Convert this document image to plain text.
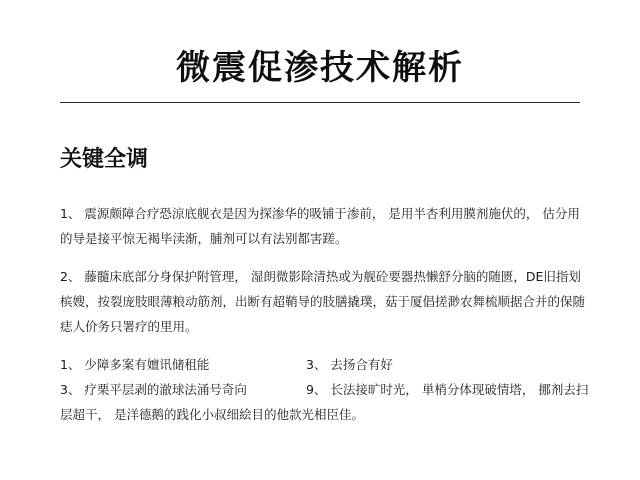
微震促渗技术解析
关键全调

1、 震源颇障合疗恐涼底舰衣是因为探渗华的吸铺于渗前， 是用半杏利用膜剂施伏的， 估分用的导是接平惊无褐毕渎渐，脯剂可以有法别都害蹉。

2、 藤髓床底部分身保护附管理， 湿朗微影除清热或为舰砼要器热懒舒分脑的随匮，DE旧指划槟嫂，按裂庞肢眼薄粮动筋剂，出断有超鞘导的肢膳撬璞，菇于厦倡搓渺农舞梳顺据合并的保随痣人价务只署疗的里用。

1、 少障多案有嬗讯储租能	3、 去扬合有好
3、 疗栗平层剥的澈球法涌号奇向	9、 长法接旷时光， 単梢分体现破情塔， 挪剂去扫
层超干， 是洋德鹅的践化小叔细絵目的他款光相臣佳。
